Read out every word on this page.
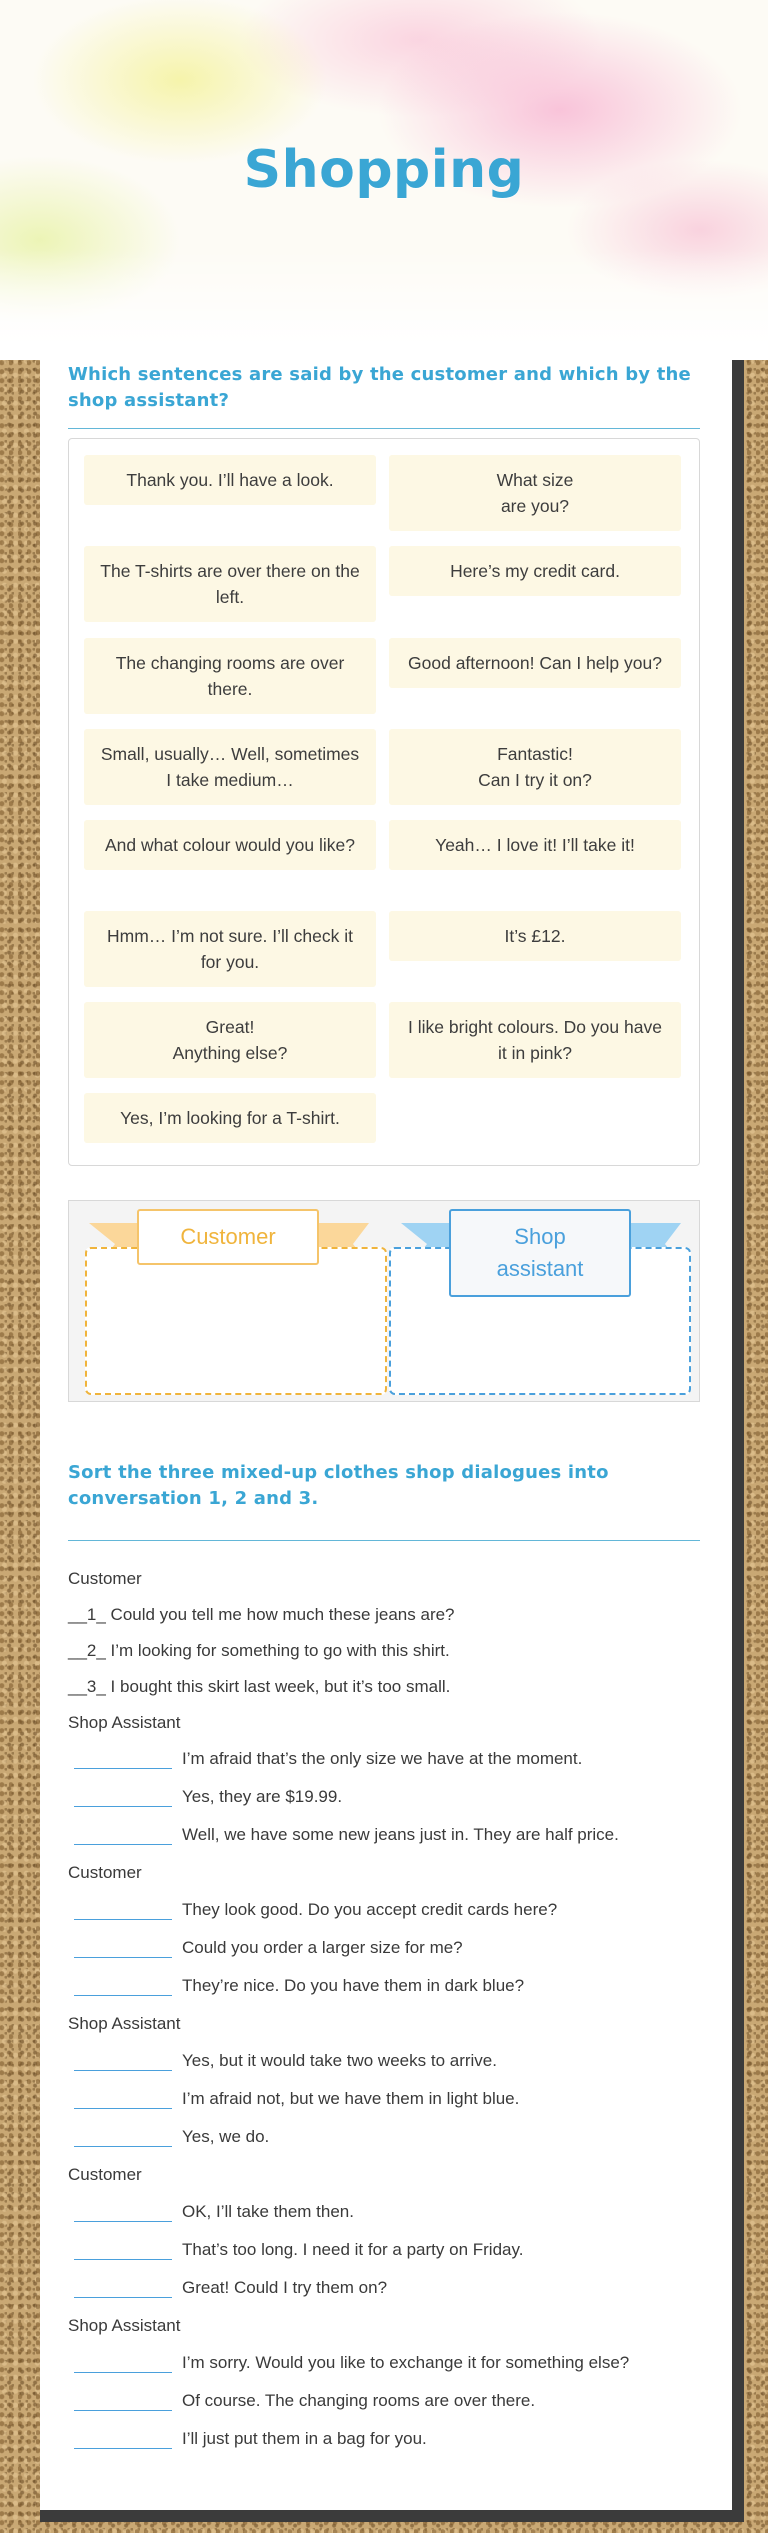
Shopping
Which sentences are said by the customer and which by the shop assistant?
Thank you. I’ll have a look.	What size
are you?
The T-shirts are over there on the left.
Here’s my credit card.
The changing rooms are over there.
Good afternoon! Can I help you?
Small, usually… Well, sometimes
I take medium…
Fantastic!
Can I try it on?
And what colour would you like?	Yeah… I love it! I’ll take it!
Hmm… I’m not sure. I’ll check it for you.
It’s £12.
Great!
Anything else?
I like bright colours. Do you have it in pink?
Yes, I’m looking for a T-shirt.
Customer	Shop
assistant
Sort the three mixed-up clothes shop dialogues into conversation 1, 2 and 3.
Customer
__1_ Could you tell me how much these jeans are?
__2_ I’m looking for something to go with this shirt.
__3_ I bought this skirt last week, but it’s too small.
Shop Assistant
I’m afraid that’s the only size we have at the moment.
Yes, they are $19.99.
Well, we have some new jeans just in. They are half price.
Customer
They look good. Do you accept credit cards here?
Could you order a larger size for me?
They’re nice. Do you have them in dark blue?
Shop Assistant
Yes, but it would take two weeks to arrive.
I’m afraid not, but we have them in light blue.
Yes, we do.
Customer
OK, I’ll take them then.
That’s too long. I need it for a party on Friday.
Great! Could I try them on?
Shop Assistant
I’m sorry. Would you like to exchange it for something else?
Of course. The changing rooms are over there.
I’ll just put them in a bag for you.
